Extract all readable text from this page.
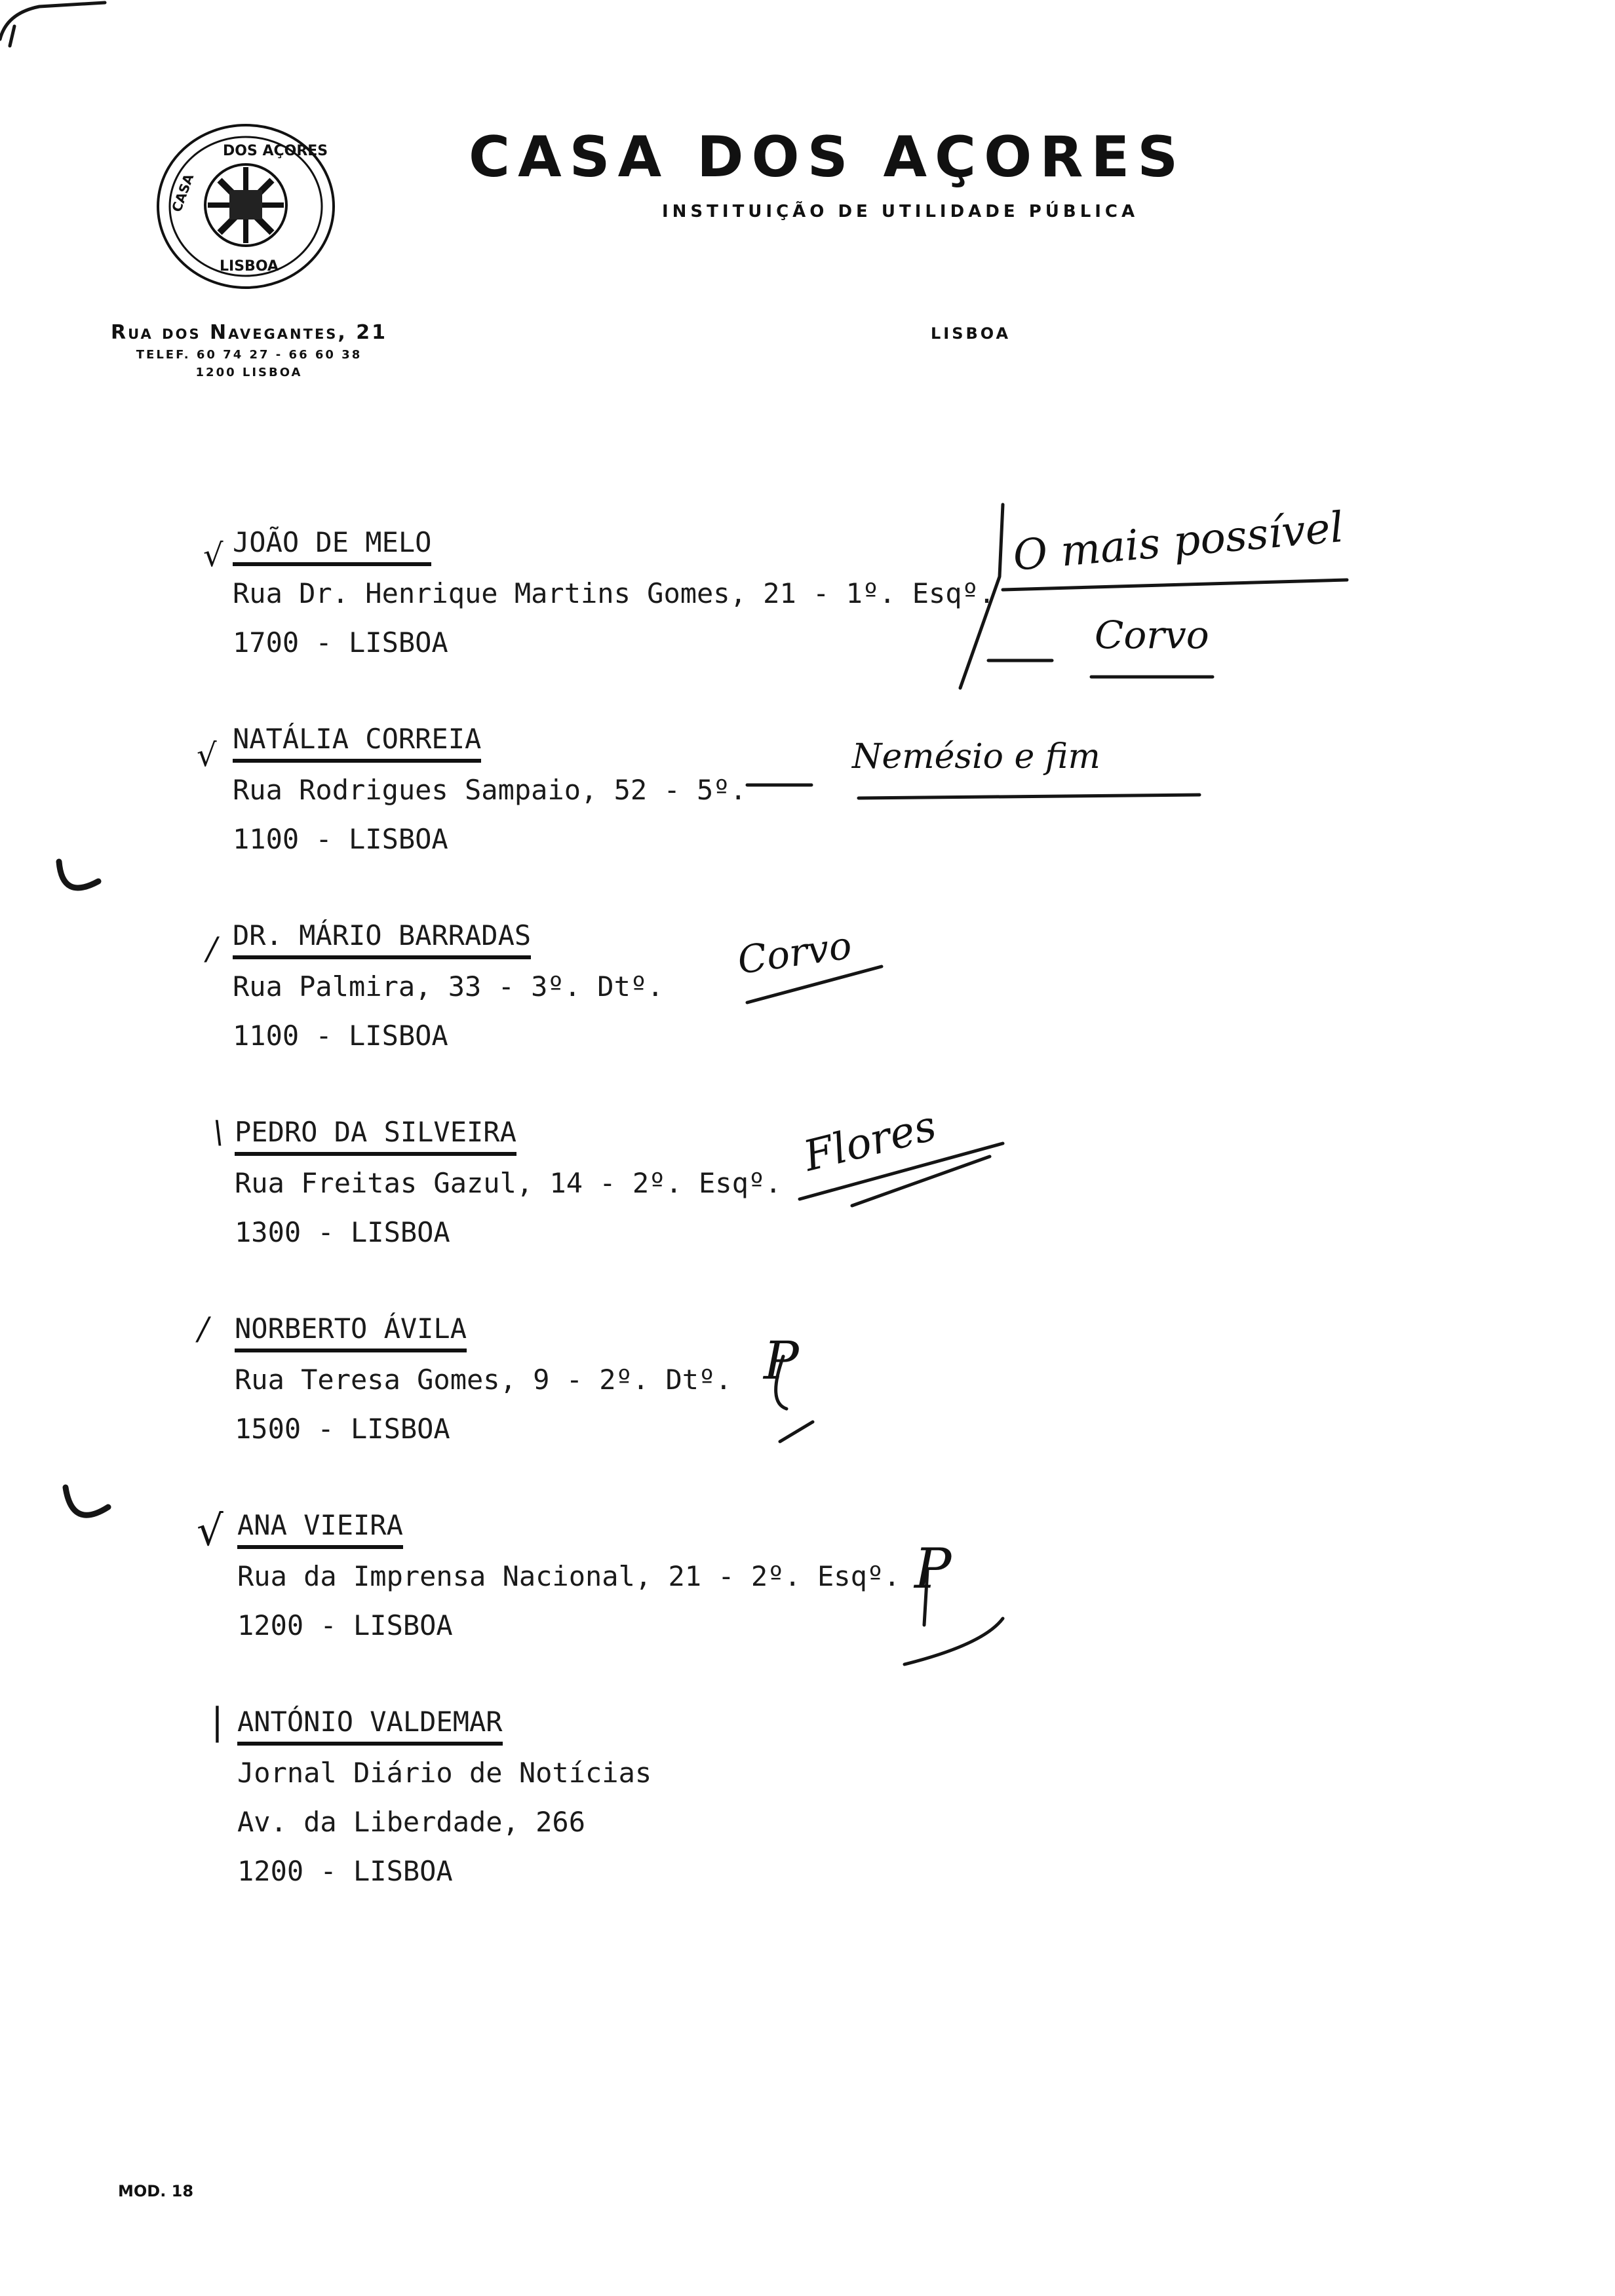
DOS AÇORES
CASA
LISBOA
CASA DOS AÇORES
INSTITUIÇÃO DE UTILIDADE PÚBLICA
Rua dos Navegantes, 21
TELEF. 60 74 27 - 66 60 38
1200 LISBOA
LISBOA
√ JOÃO DE MELO
Rua Dr. Henrique Martins Gomes, 21 - 1º. Esqº.
1700 - LISBOA
√ NATÁLIA CORREIA
Rua Rodrigues Sampaio, 52 - 5º.
1100 - LISBOA
/ DR. MÁRIO BARRADAS
Rua Palmira, 33 - 3º. Dtº.
1100 - LISBOA
\ PEDRO DA SILVEIRA
Rua Freitas Gazul, 14 - 2º. Esqº.
1300 - LISBOA
/ NORBERTO ÁVILA
Rua Teresa Gomes, 9 - 2º. Dtº.
1500 - LISBOA
√ ANA VIEIRA
Rua da Imprensa Nacional, 21 - 2º. Esqº.
1200 - LISBOA
| ANTÓNIO VALDEMAR
Jornal Diário de Notícias
Av. da Liberdade, 266
1200 - LISBOA
O mais possível
Corvo
Nemésio e fim
Corvo
Flores
P
P
MOD. 18
